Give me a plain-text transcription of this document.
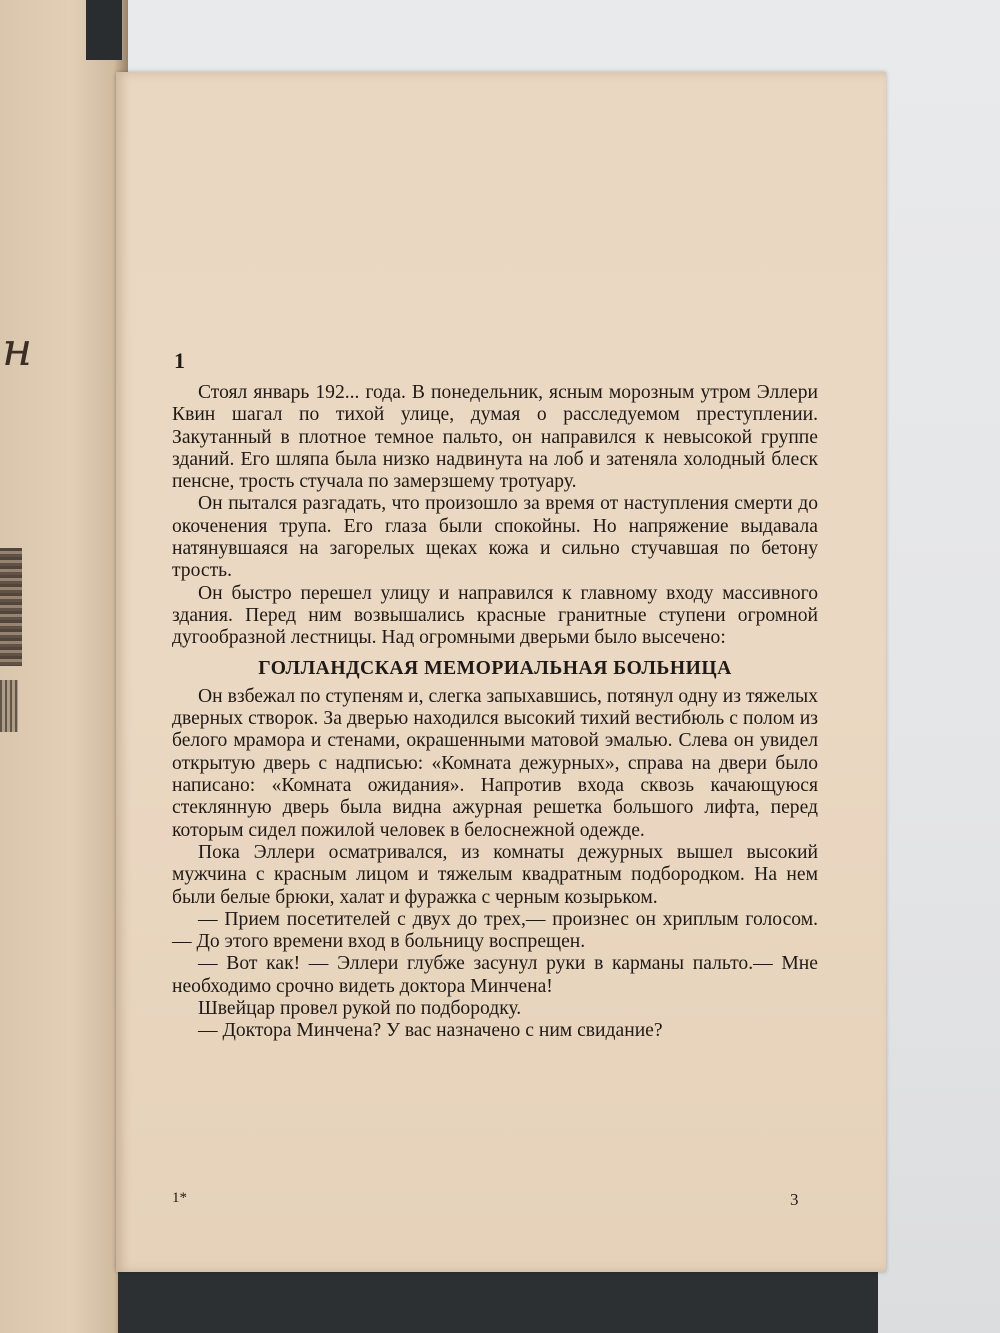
н	1

Стоял январь 192... года. В понедельник, ясным морозным утром Эллери Квин шагал по тихой улице, думая о расследуемом преступлении. Закутанный в плотное темное пальто, он направился к невысокой группе зданий. Его шляпа была низко надвинута на лоб и затеняла холодный блеск пенсне, трость стучала по замерзшему тротуару.

Он пытался разгадать, что произошло за время от наступления смерти до окоченения трупа. Его глаза были спокойны. Но напряжение выдавала натянувшаяся на загорелых щеках кожа и сильно стучавшая по бетону трость.

Он быстро перешел улицу и направился к главному входу массивного здания. Перед ним возвышались красные гранитные ступени огромной дугообразной лестницы. Над огромными дверьми было высечено:

ГОЛЛАНДСКАЯ МЕМОРИАЛЬНАЯ БОЛЬНИЦА

Он взбежал по ступеням и, слегка запыхавшись, потянул одну из тяжелых дверных створок. За дверью находился высокий тихий вестибюль с полом из белого мрамора и стенами, окрашенными матовой эмалью. Слева он увидел открытую дверь с надписью: «Комната дежурных», справа на двери было написано: «Комната ожидания». Напротив входа сквозь качающуюся стеклянную дверь была видна ажурная решетка большого лифта, перед которым сидел пожилой человек в белоснежной одежде.

Пока Эллери осматривался, из комнаты дежурных вышел высокий мужчина с красным лицом и тяжелым квадратным подбородком. На нем были белые брюки, халат и фуражка с черным козырьком.

— Прием посетителей с двух до трех,— произнес он хриплым голосом.— До этого времени вход в больницу воспрещен.

— Вот как! — Эллери глубже засунул руки в карманы пальто.— Мне необходимо срочно видеть доктора Минчена!

Швейцар провел рукой по подбородку.

— Доктора Минчена? У вас назначено с ним свидание?

1*	3
